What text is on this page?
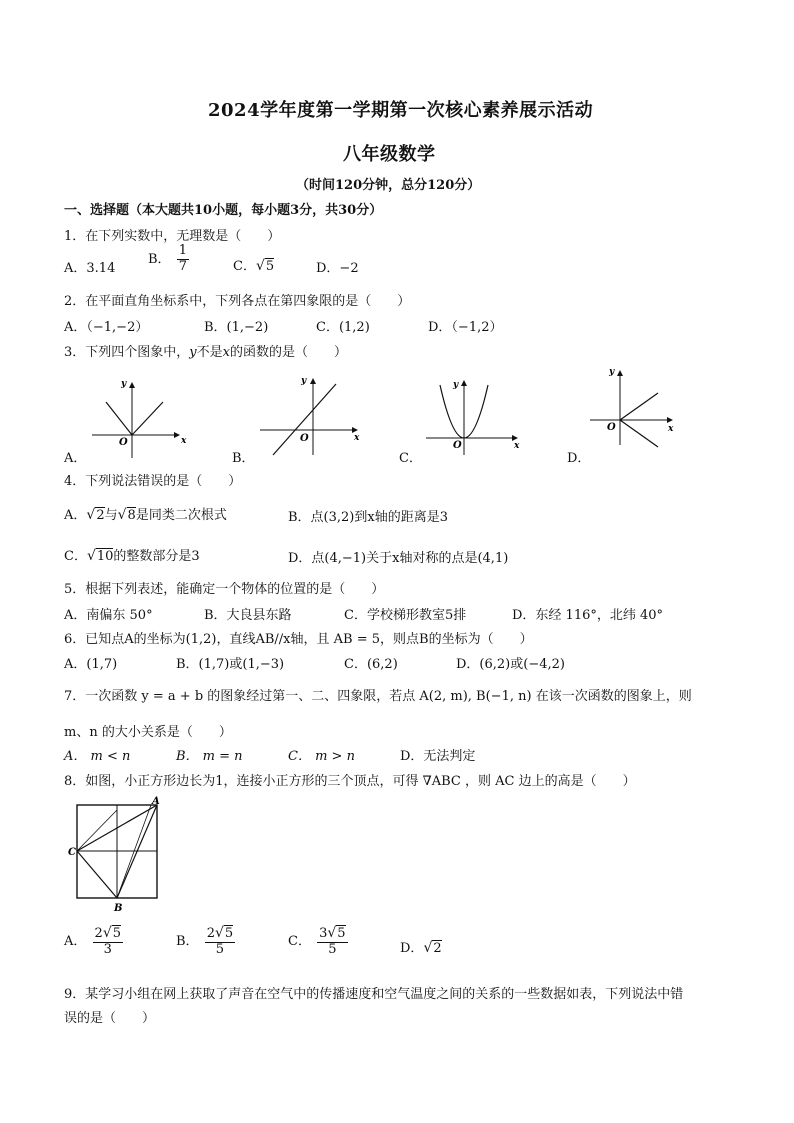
2024学年度第一学期第一次核心素养展示活动
八年级数学
（时间120分钟，总分120分）
一、选择题（本大题共10小题，每小题3分，共30分）
1．在下列实数中，无理数是（　　）
A．3.14
B． $\frac{1}{7}$	C．√5	D．−2
2．在平面直角坐标系中，下列各点在第四象限的是（　　）
A．（−1,−2）	B．(1,−2)	C．(1,2)	D．（−1,2）
3．下列四个图象中，y不是x的函数的是（　　）
y
x
O
y
x
O
y
x
O
y
x
O
A．	B．	C．	D．
4．下列说法错误的是（　　）
A．√2与√8是同类二次根式	B．点(3,2)到x轴的距离是3
C．√10的整数部分是3	D．点(4,−1)关于x轴对称的点是(4,1)
5．根据下列表述，能确定一个物体的位置的是（　　）
A．南偏东 50°	B．大良县东路	C．学校梯形教室5排	D．东经 116°，北纬 40°
6．已知点A的坐标为(1,2)，直线AB//x轴，且 AB = 5，则点B的坐标为（　　）
A．(1,7)	B．(1,7)或(1,−3)	C．(6,2)	D．(6,2)或(−4,2)
7．一次函数 y = a + b 的图象经过第一、二、四象限，若点 A(2, m), B(−1, n) 在该一次函数的图象上，则
m、n 的大小关系是（　　）
A． m < n	B． m = n	C． m > n	D．无法判定
8．如图，小正方形边长为1，连接小正方形的三个顶点，可得 ∇ABC ，则 AC 边上的高是（　　）
A
B
C
A． $\frac{2√5}{3}$	B． $\frac{2√5}{5}$	C． $\frac{3√5}{5}$	D．√2
9．某学习小组在网上获取了声音在空气中的传播速度和空气温度之间的关系的一些数据如表，下列说法中错
误的是（　　）
